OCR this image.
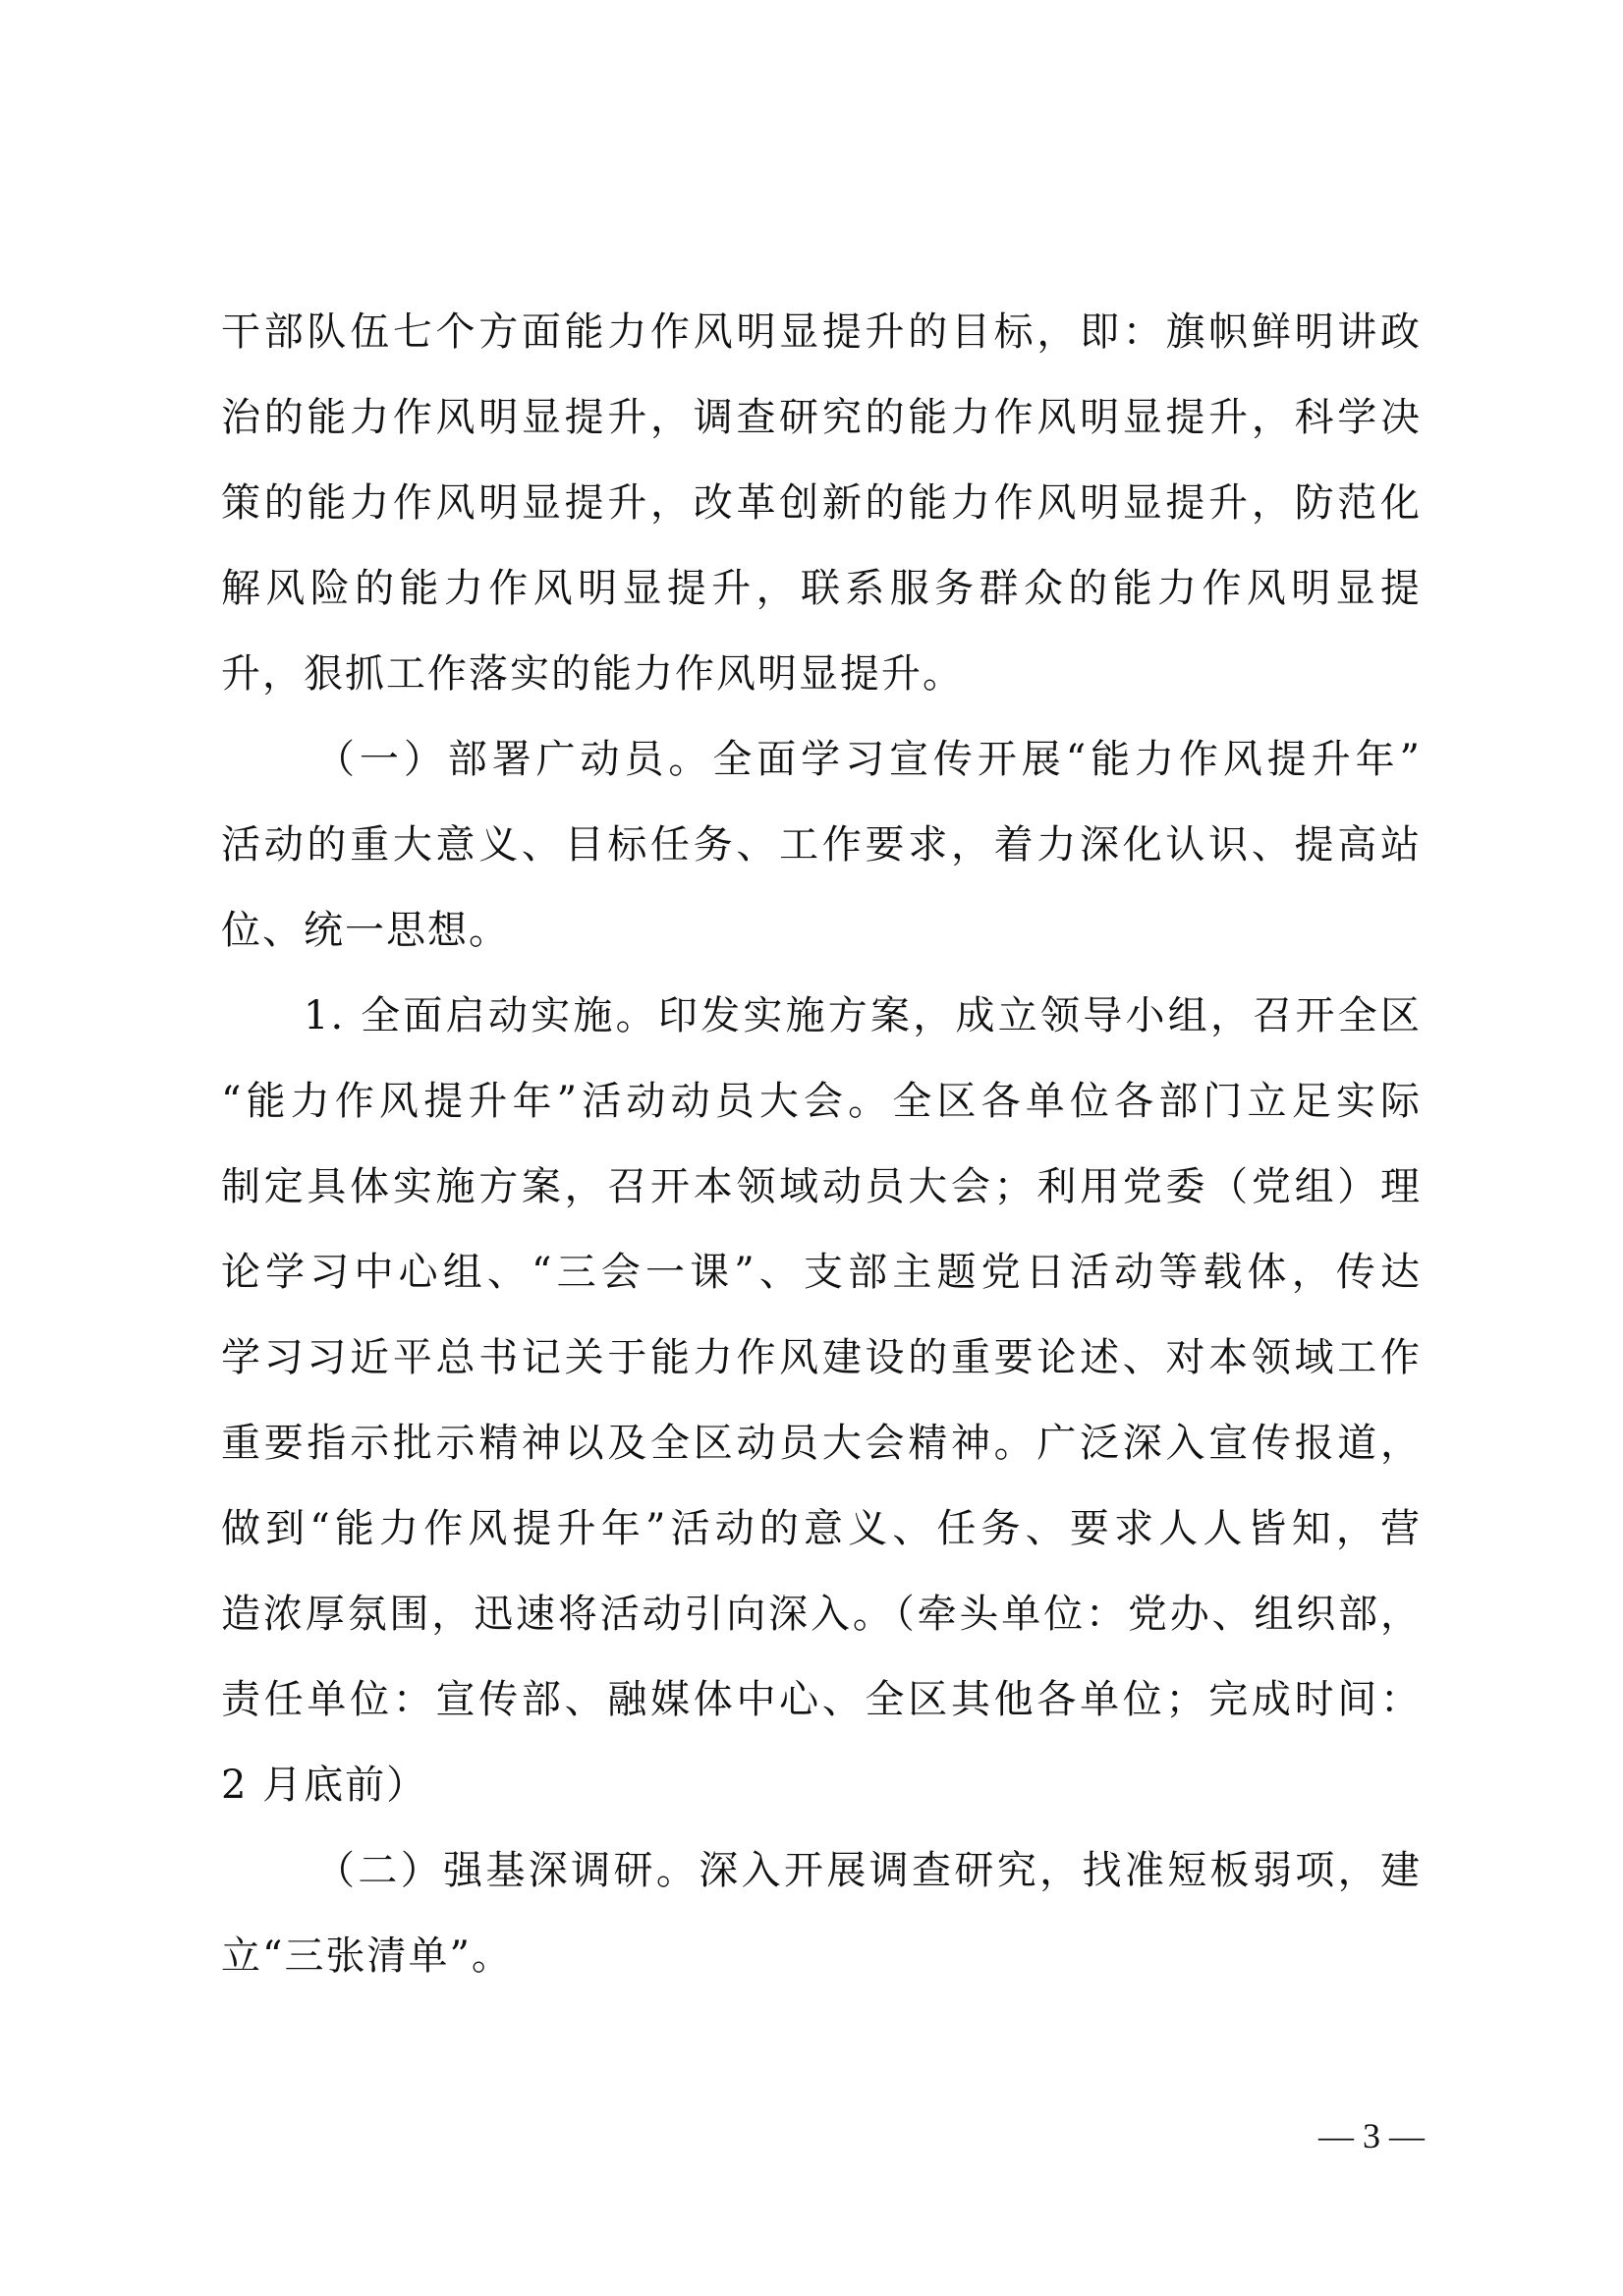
干部队伍七个方面能力作风明显提升的目标，即：旗帜鲜明讲政
治的能力作风明显提升，调查研究的能力作风明显提升，科学决
策的能力作风明显提升，改革创新的能力作风明显提升，防范化
解风险的能力作风明显提升，联系服务群众的能力作风明显提
升，狠抓工作落实的能力作风明显提升。
（一）部署广动员。全面学习宣传开展“能力作风提升年”
活动的重大意义、目标任务、工作要求，着力深化认识、提高站
位、统一思想。
1. 全面启动实施。印发实施方案，成立领导小组，召开全区
“能力作风提升年”活动动员大会。全区各单位各部门立足实际
制定具体实施方案，召开本领域动员大会；利用党委（党组）理
论学习中心组、“三会一课”、支部主题党日活动等载体，传达
学习习近平总书记关于能力作风建设的重要论述、对本领域工作
重要指示批示精神以及全区动员大会精神。广泛深入宣传报道，
做到“能力作风提升年”活动的意义、任务、要求人人皆知，营
造浓厚氛围，迅速将活动引向深入。（牵头单位：党办、组织部，
责任单位：宣传部、融媒体中心、全区其他各单位；完成时间：
2 月底前）
（二）强基深调研。深入开展调查研究，找准短板弱项，建
立“三张清单”。
— 3 —
